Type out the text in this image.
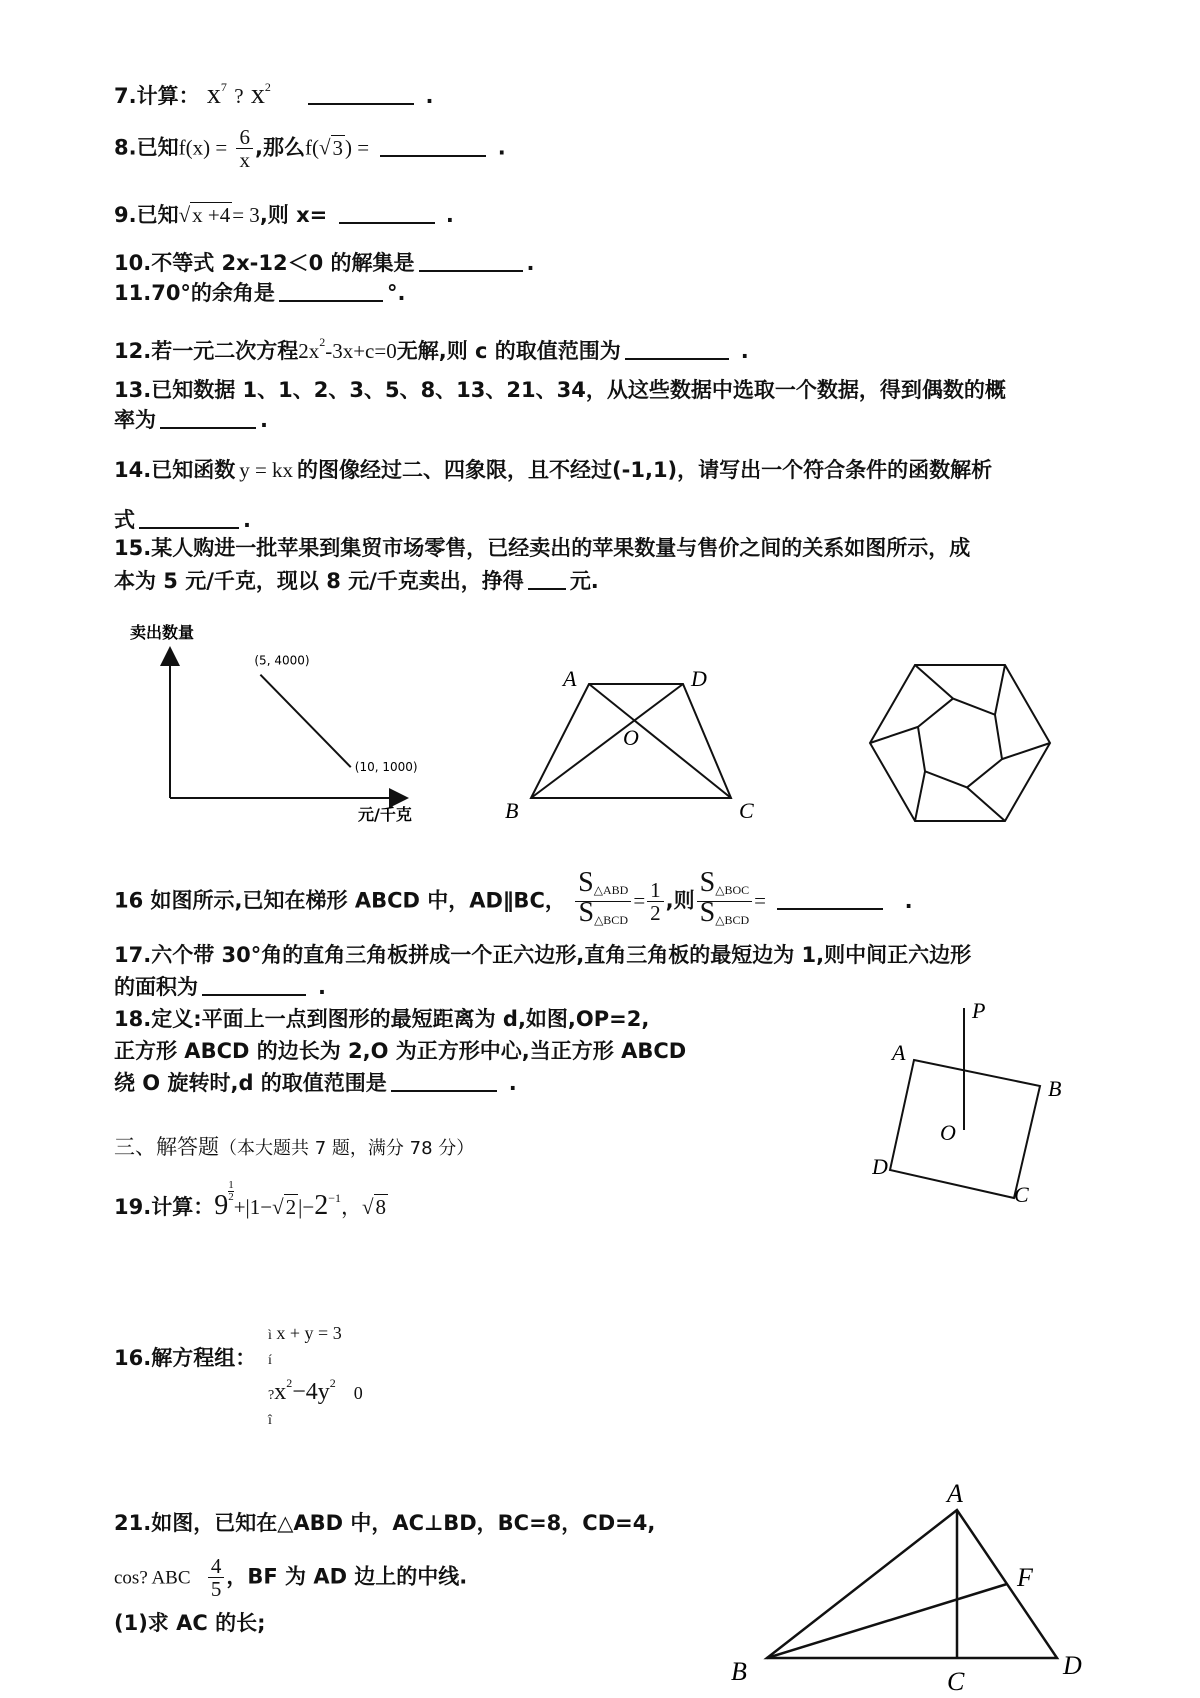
7.计算： $x^7$ ? $x^2$	.
8.已知$f(x) = \frac{6}{x}$ ,那么f(√3) =	.
9.已知√x +4= 3,则 x=	.
10.不等式 2x-12＜0 的解集是	.
11.70°的余角是	°.
12.若一元二次方程$2x^2-3x+c=0$无解,则 c 的取值范围为	.
13.已知数据 1、1、2、3、5、8、13、21、34，从这些数据中选取一个数据，得到偶数的概
率为	.
14.已知函数 y = kx 的图像经过二、四象限，且不经过(-1,1)，请写出一个符合条件的函数解析
式	.
15.某人购进一批苹果到集贸市场零售，已经卖出的苹果数量与售价之间的关系如图所示，成
本为 5 元/千克，现以 8 元/千克卖出，挣得 元.
卖出数量
元/千克
(5, 4000)
(10, 1000)
A	D
O
B	C
16 如图所示,已知在梯形 ABCD 中，AD∥BC， $\frac{S_{\triangle ABD}}{S_{\triangle BCD}} = \frac{1}{2}$ ,则 $\frac{S_{\triangle BOC}}{S_{\triangle BCD}}$ =	.
17.六个带 30°角的直角三角板拼成一个正六边形,直角三角板的最短边为 1,则中间正六边形
的面积为	.
18.定义:平面上一点到图形的最短距离为 d,如图,OP=2,
正方形 ABCD 的边长为 2,O 为正方形中心,当正方形 ABCD
绕 O 旋转时,d 的取值范围是	.
P
A
B
O
D
C
三、解答题（本大题共 7 题，满分 78 分）
19.计算：$9 \frac{1}{2}$
$+|1-√2|-2^{-1}$，√8
16.解方程组：
ì x + y = 3
í
$?x^2-4y^2$ 0
î
21.如图，已知在△ABD 中，AC⊥BD，BC=8，CD=4,
cos? ABC $\frac{4}{5}$ ，BF 为 AD 边上的中线.
(1)求 AC 的长;
A
F
B	C
D
